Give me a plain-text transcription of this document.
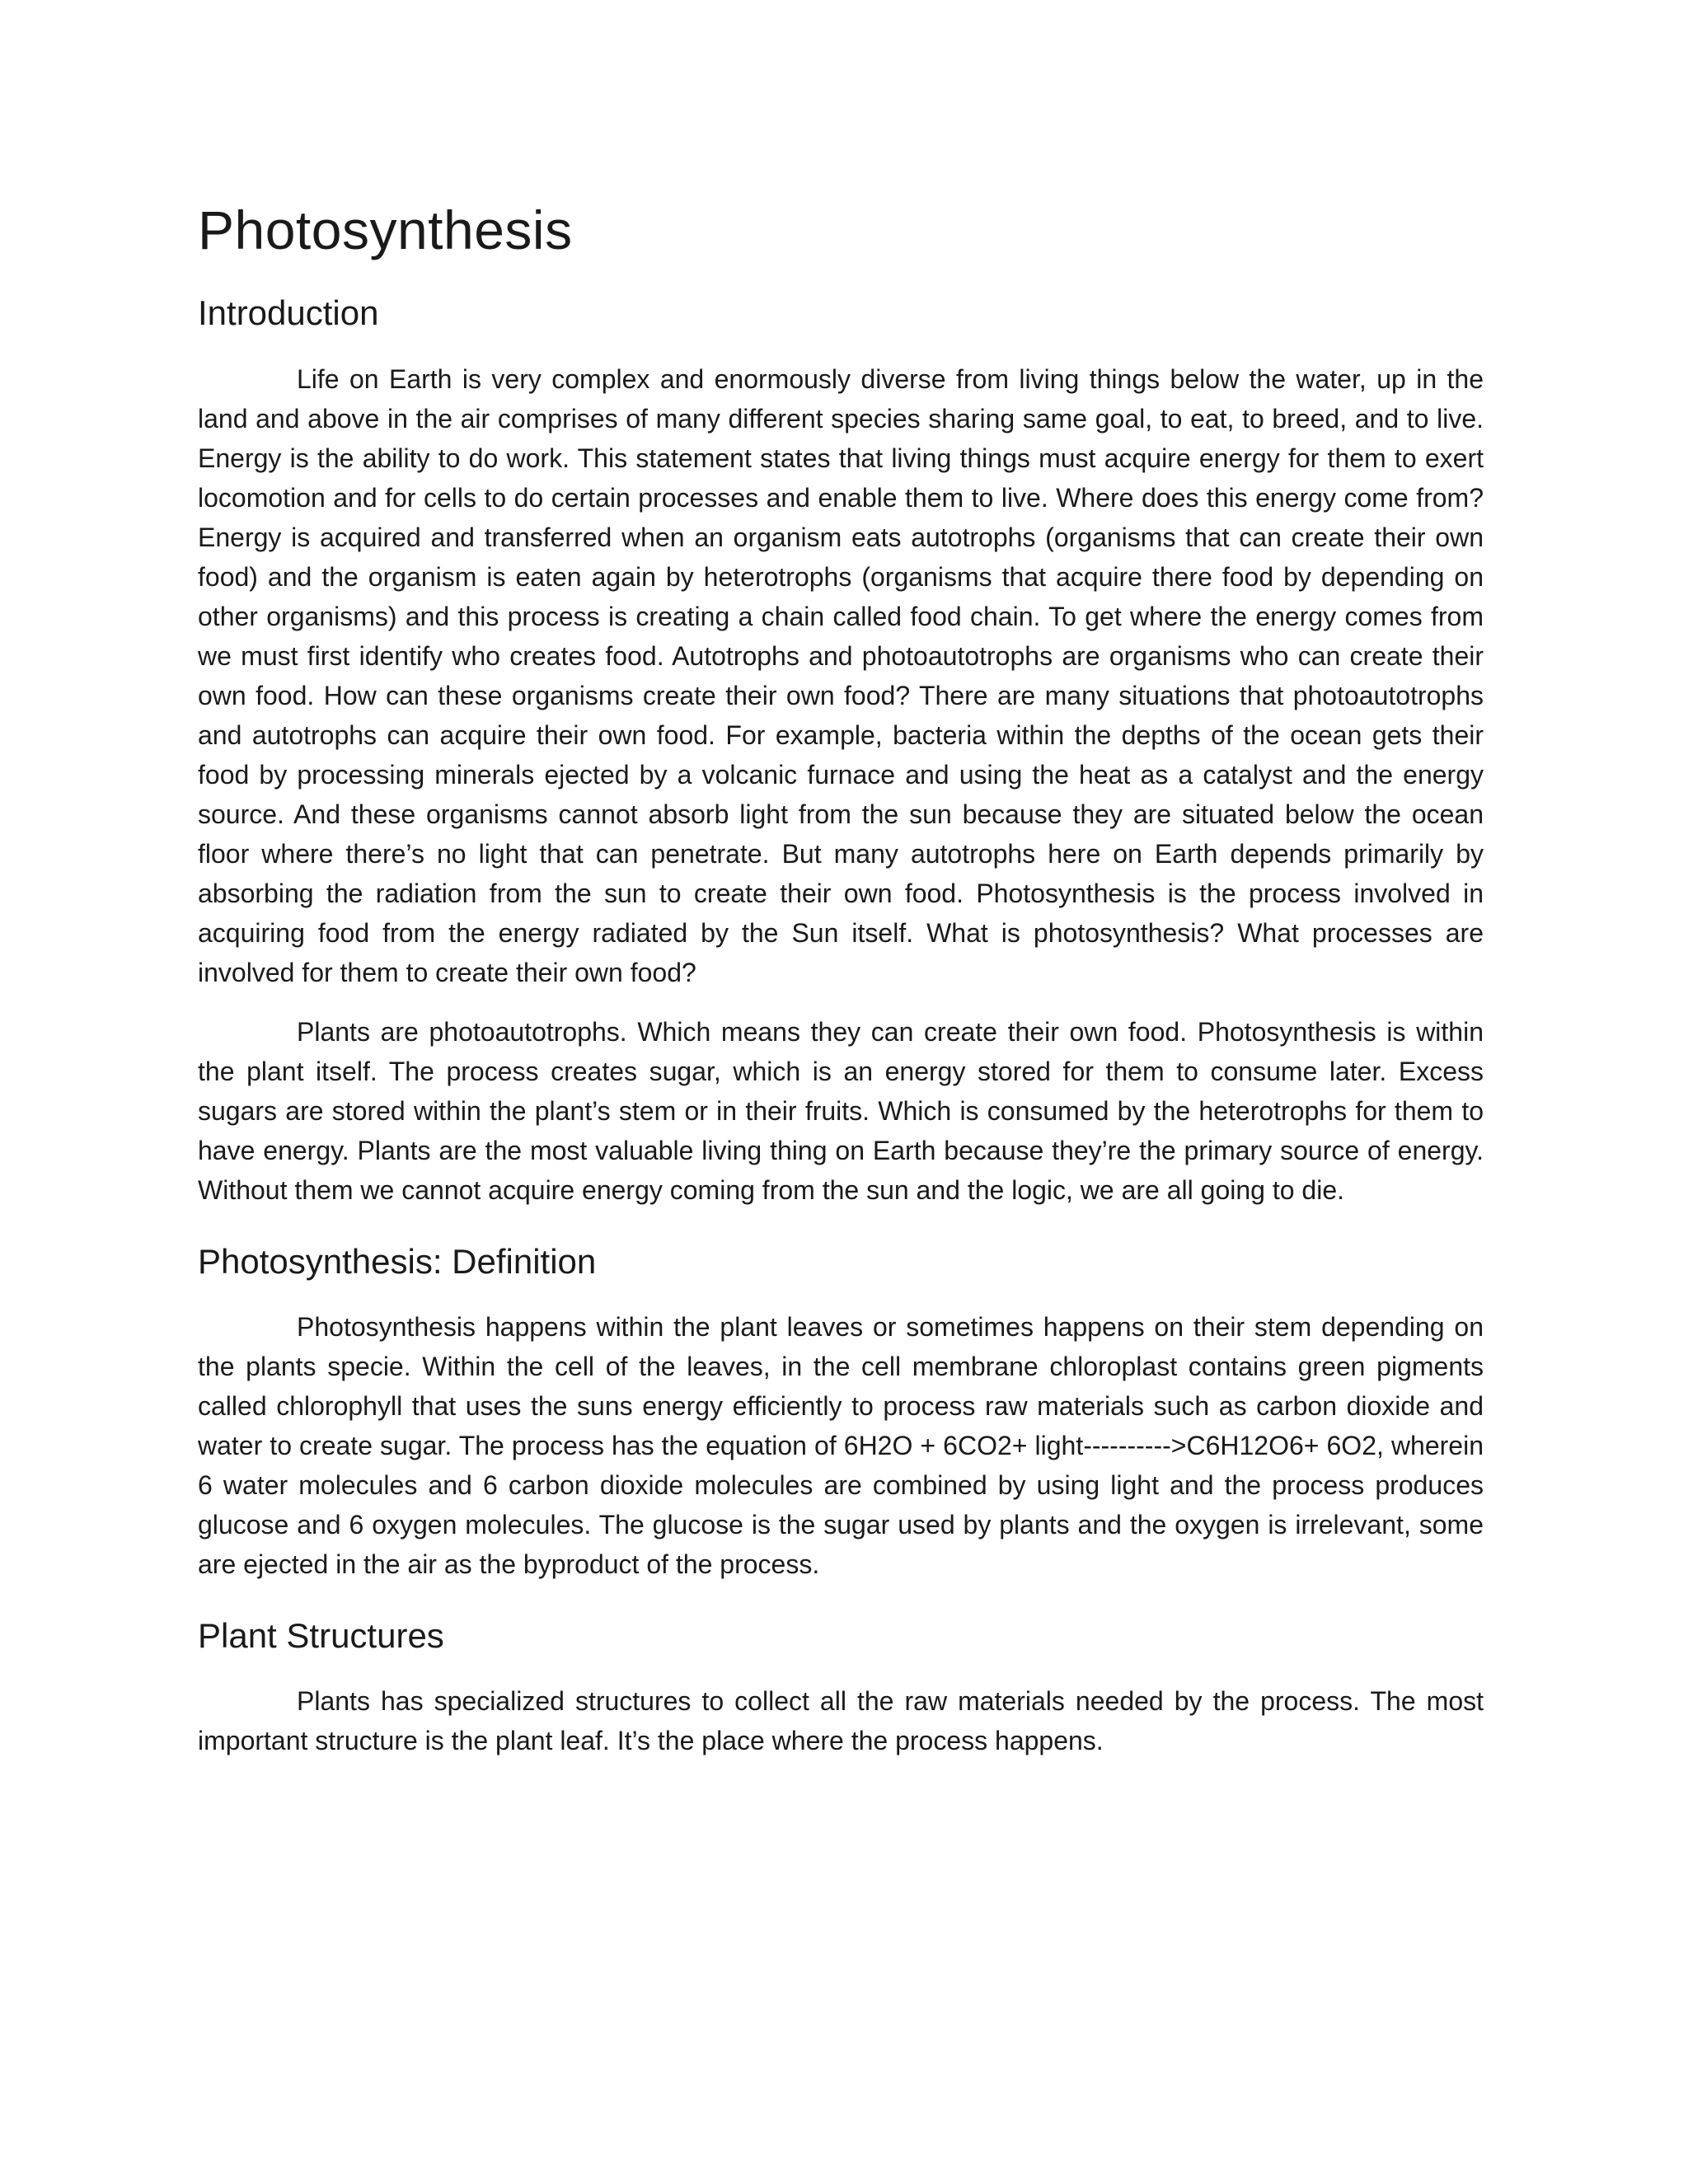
Photosynthesis
Introduction

Life on Earth is very complex and enormously diverse from living things below the water, up in the land and above in the air comprises of many different species sharing same goal, to eat, to breed, and to live. Energy is the ability to do work. This statement states that living things must acquire energy for them to exert locomotion and for cells to do certain processes and enable them to live. Where does this energy come from? Energy is acquired and transferred when an organism eats autotrophs (organisms that can create their own food) and the organism is eaten again by heterotrophs (organisms that acquire there food by depending on other organisms) and this process is creating a chain called food chain. To get where the energy comes from we must first identify who creates food. Autotrophs and photoautotrophs are organisms who can create their own food. How can these organisms create their own food? There are many situations that photoautotrophs and autotrophs can acquire their own food. For example, bacteria within the depths of the ocean gets their food by processing minerals ejected by a volcanic furnace and using the heat as a catalyst and the energy source. And these organisms cannot absorb light from the sun because they are situated below the ocean floor where there’s no light that can penetrate. But many autotrophs here on Earth depends primarily by absorbing the radiation from the sun to create their own food. Photosynthesis is the process involved in acquiring food from the energy radiated by the Sun itself. What is photosynthesis? What processes are involved for them to create their own food?

Plants are photoautotrophs. Which means they can create their own food. Photosynthesis is within the plant itself. The process creates sugar, which is an energy stored for them to consume later. Excess sugars are stored within the plant’s stem or in their fruits. Which is consumed by the heterotrophs for them to have energy. Plants are the most valuable living thing on Earth because they’re the primary source of energy. Without them we cannot acquire energy coming from the sun and the logic, we are all going to die.

Photosynthesis: Definition

Photosynthesis happens within the plant leaves or sometimes happens on their stem depending on the plants specie. Within the cell of the leaves, in the cell membrane chloroplast contains green pigments called chlorophyll that uses the suns energy efficiently to process raw materials such as carbon dioxide and water to create sugar. The process has the equation of 6H2O + 6CO2+ light---------->C6H12O6+ 6O2, wherein 6 water molecules and 6 carbon dioxide molecules are combined by using light and the process produces glucose and 6 oxygen molecules. The glucose is the sugar used by plants and the oxygen is irrelevant, some are ejected in the air as the byproduct of the process.

Plant Structures

Plants has specialized structures to collect all the raw materials needed by the process. The most important structure is the plant leaf. It’s the place where the process happens.
